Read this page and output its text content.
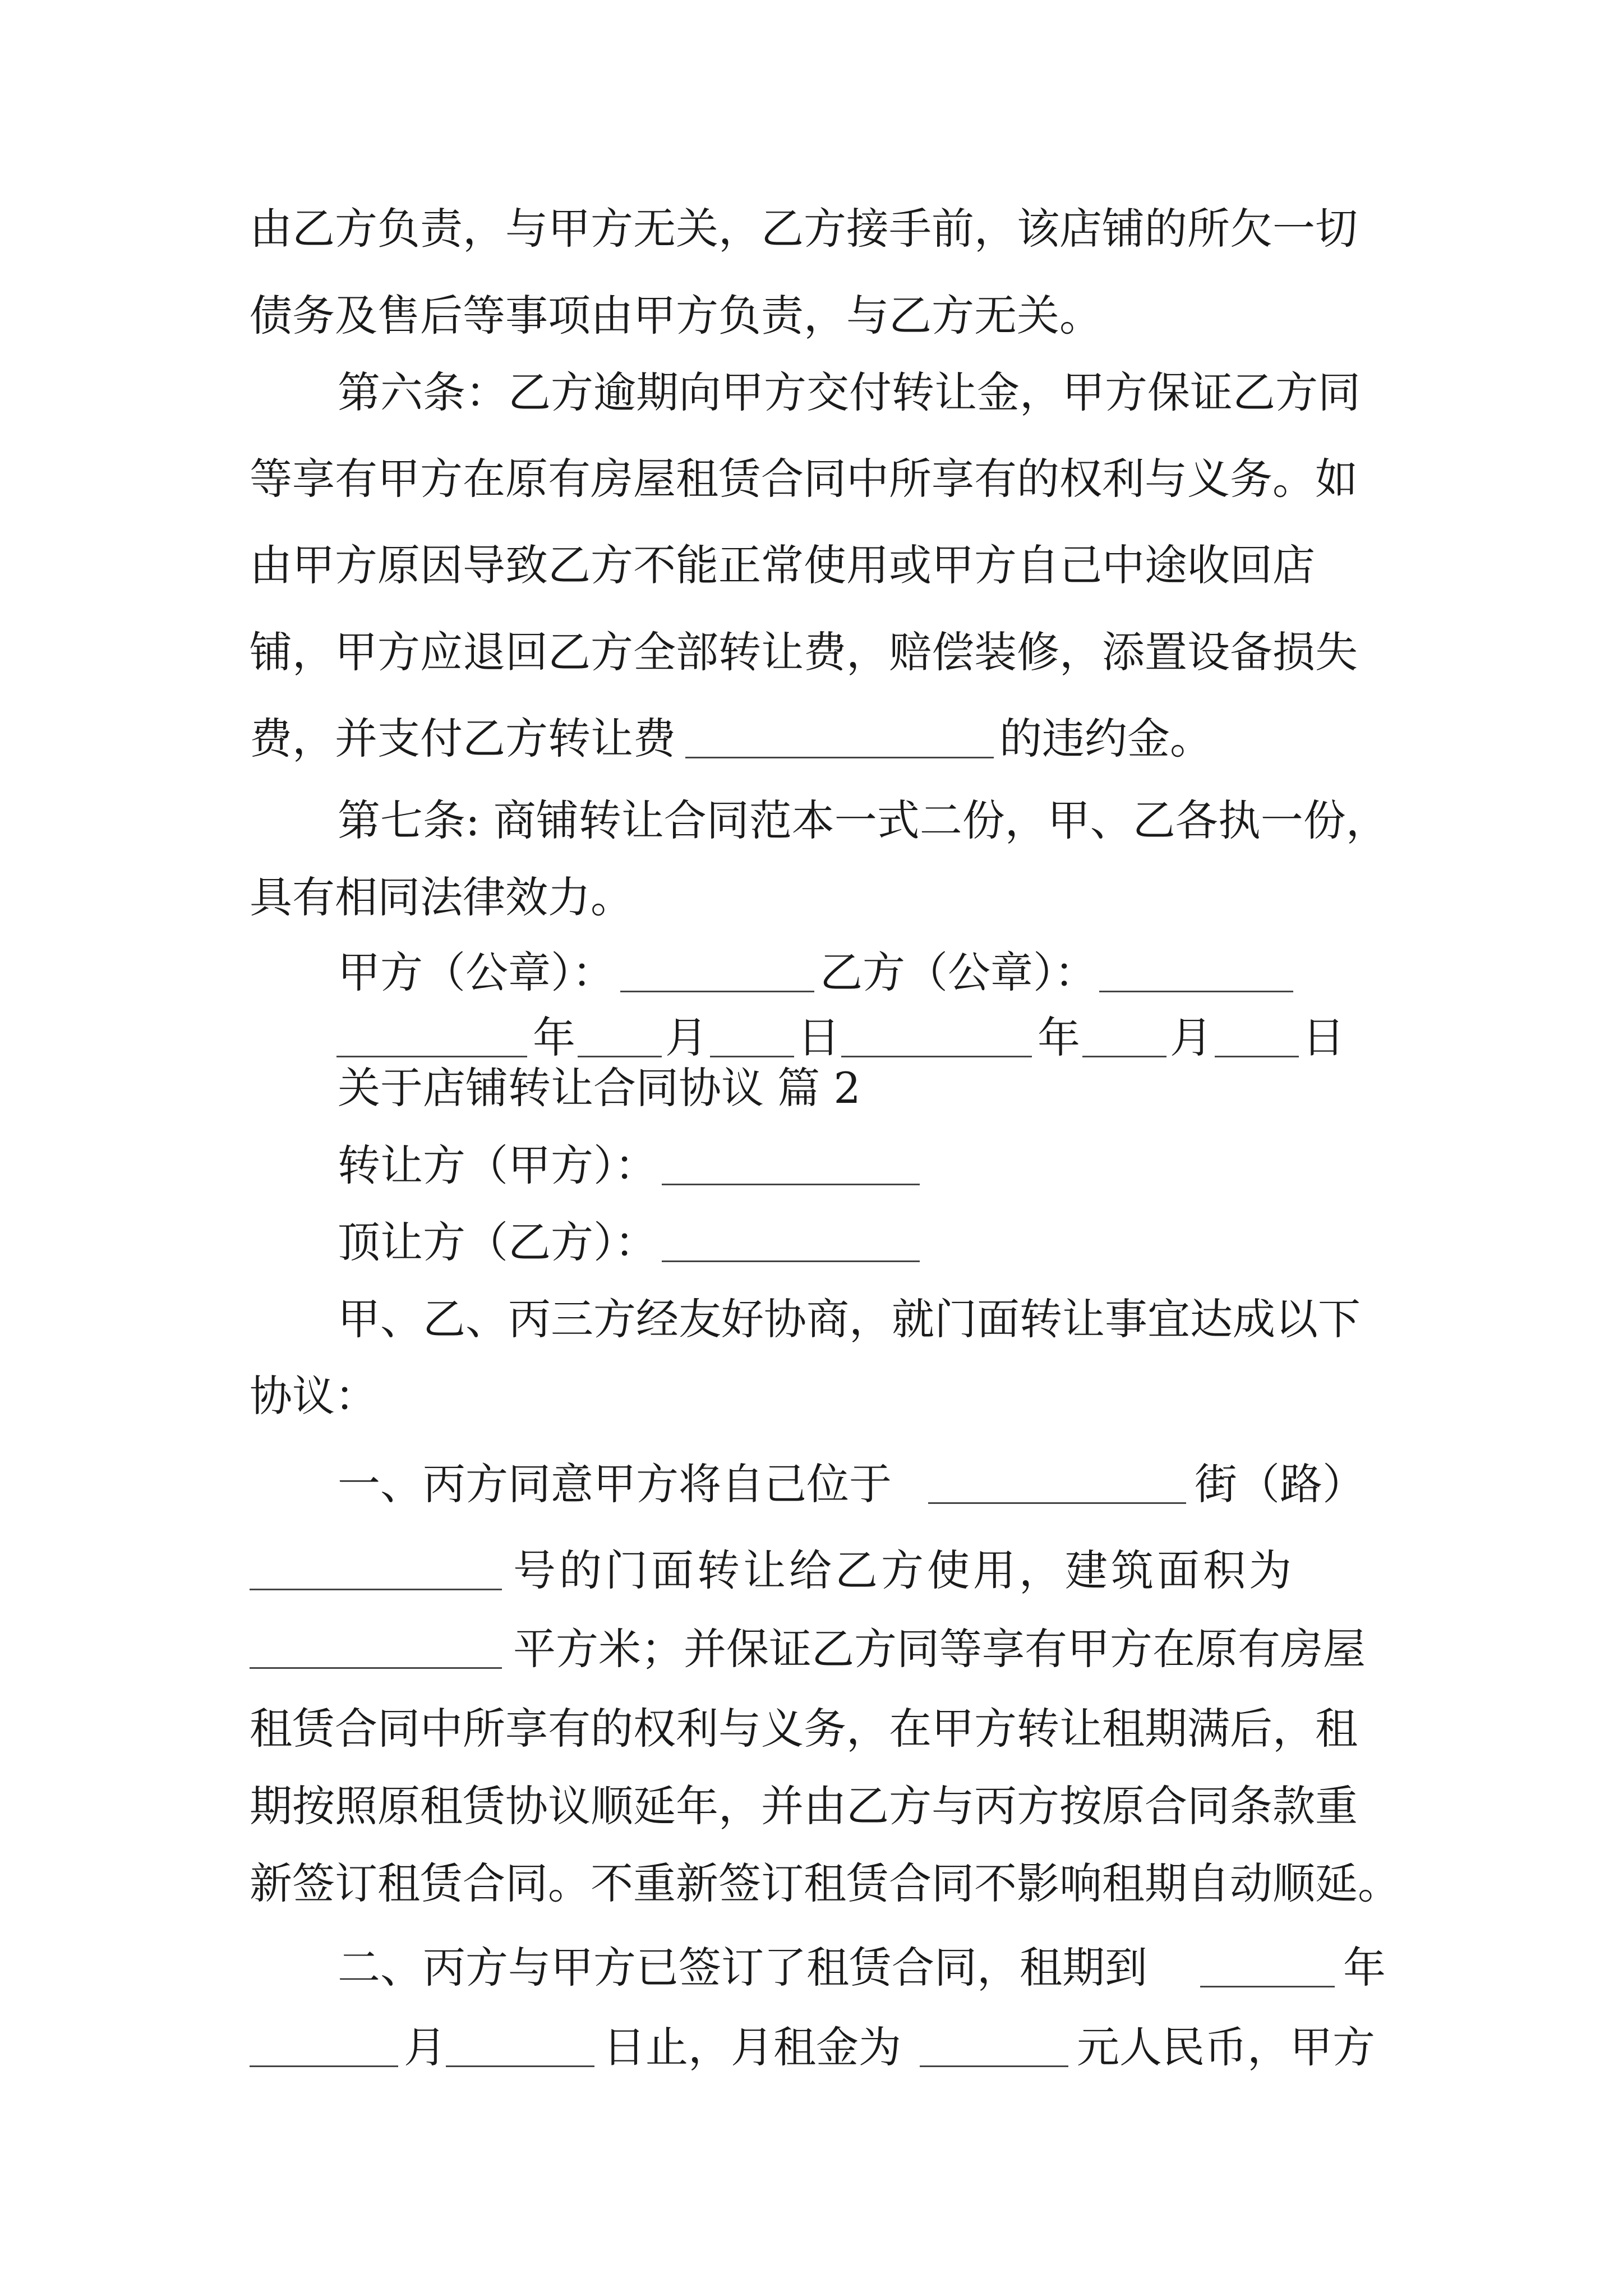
由乙方负责，与甲方无关，乙方接手前，该店铺的所欠一切
债务及售后等事项由甲方负责，与乙方无关。
第六条：乙方逾期向甲方交付转让金，甲方保证乙方同
等享有甲方在原有房屋租赁合同中所享有的权利与义务。如
由甲方原因导致乙方不能正常使用或甲方自己中途收回店
铺，甲方应退回乙方全部转让费，赔偿装修，添置设备损失
费，并支付乙方转让费	的违约金。
第七条: 商铺转让合同范本一式二份，甲、乙各执一份，
具有相同法律效力。
甲方（公章）：	乙方（公章）：
年 月 日	年 月 日
关于店铺转让合同协议 篇 2
转让方（甲方）：
顶让方（乙方）：
甲、乙、丙三方经友好协商，就门面转让事宜达成以下
协议：
一、丙方同意甲方将自己位于	街（路）
号的门面转让给乙方使用，建筑面积为
平方米；并保证乙方同等享有甲方在原有房屋
租赁合同中所享有的权利与义务，在甲方转让租期满后，租
期按照原租赁协议顺延年，并由乙方与丙方按原合同条款重
新签订租赁合同。不重新签订租赁合同不影响租期自动顺延。
二、丙方与甲方已签订了租赁合同，租期到	年
月	日止，月租金为	元人民币，甲方
